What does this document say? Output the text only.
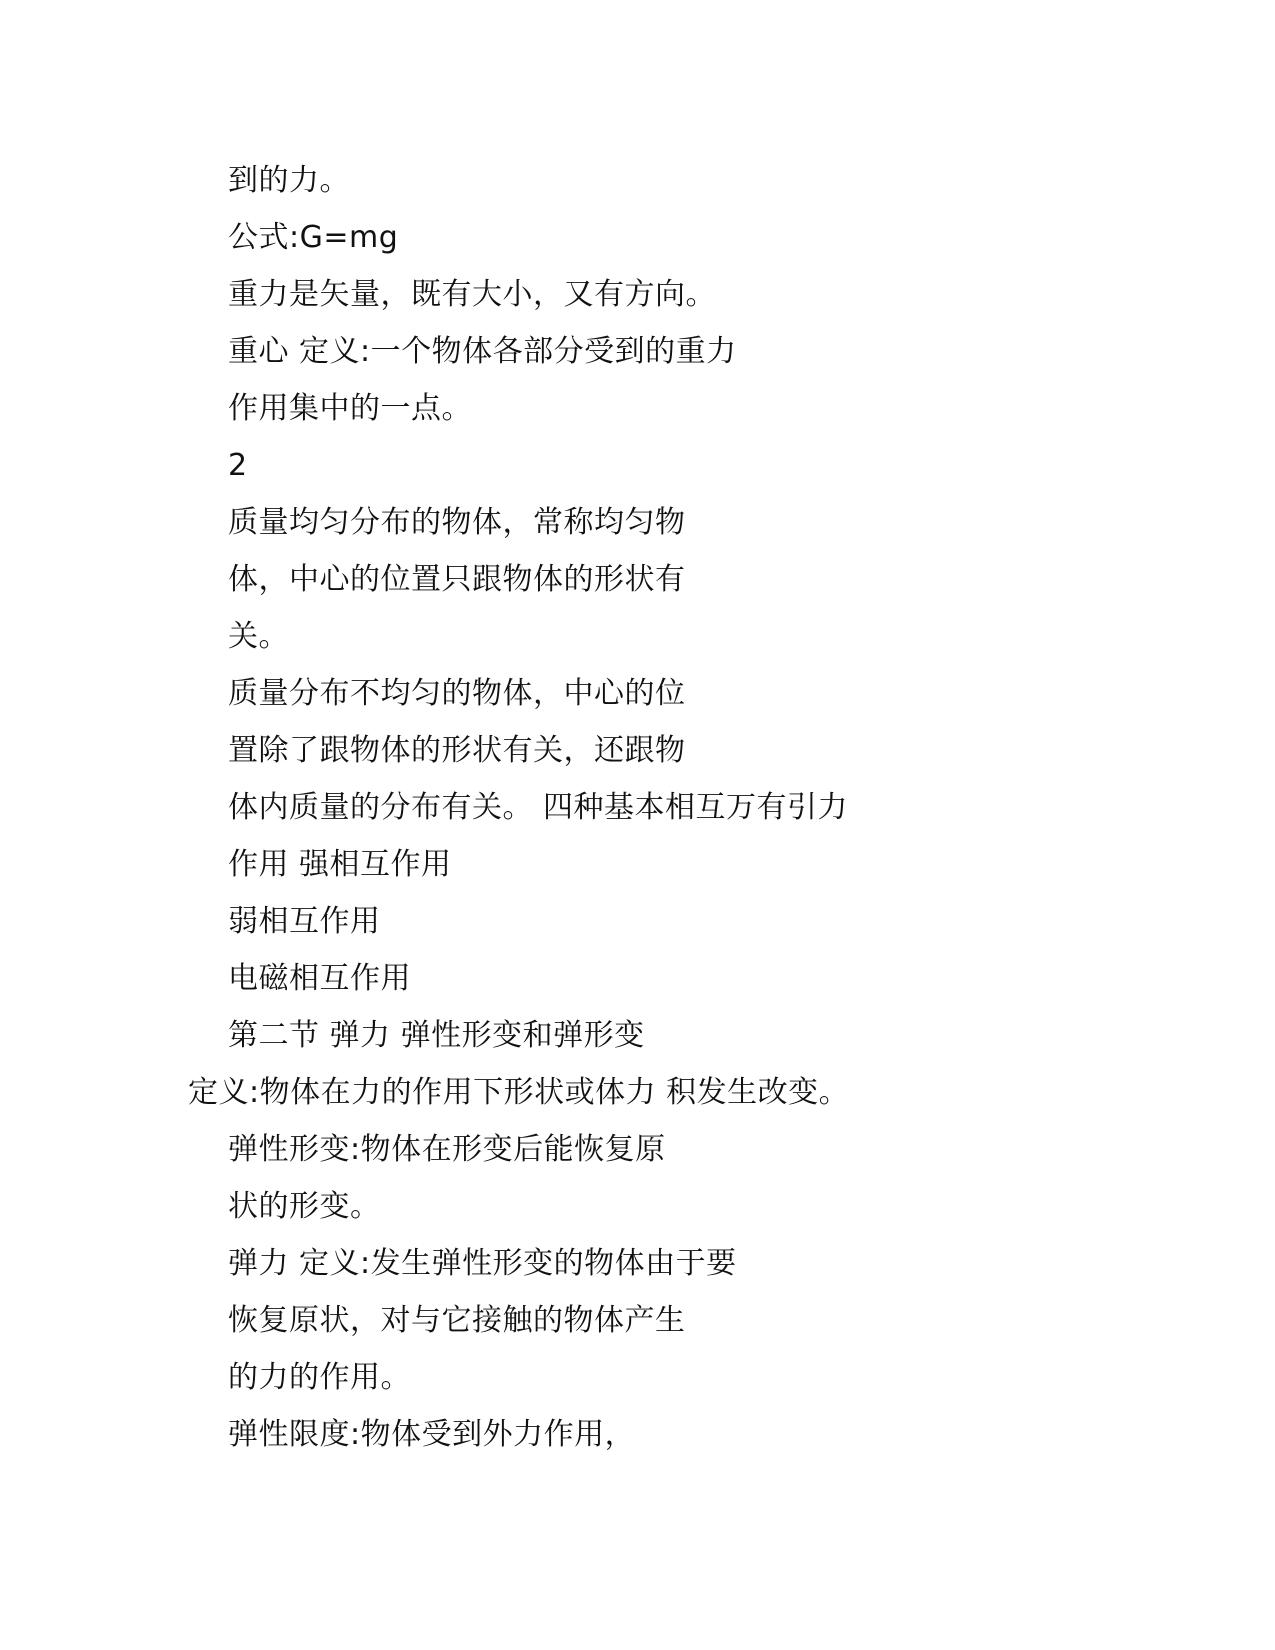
到的力。
公式:G=mg
重力是矢量，既有大小，又有方向。
重心 定义:一个物体各部分受到的重力
作用集中的一点。
2
质量均匀分布的物体，常称均匀物
体，中心的位置只跟物体的形状有
关。
质量分布不均匀的物体，中心的位
置除了跟物体的形状有关，还跟物
体内质量的分布有关。 四种基本相互万有引力
作用 强相互作用
弱相互作用
电磁相互作用
第二节 弹力 弹性形变和弹形变
定义:物体在力的作用下形状或体力 积发生改变。
弹性形变:物体在形变后能恢复原
状的形变。
弹力 定义:发生弹性形变的物体由于要
恢复原状，对与它接触的物体产生
的力的作用。
弹性限度:物体受到外力作用，
